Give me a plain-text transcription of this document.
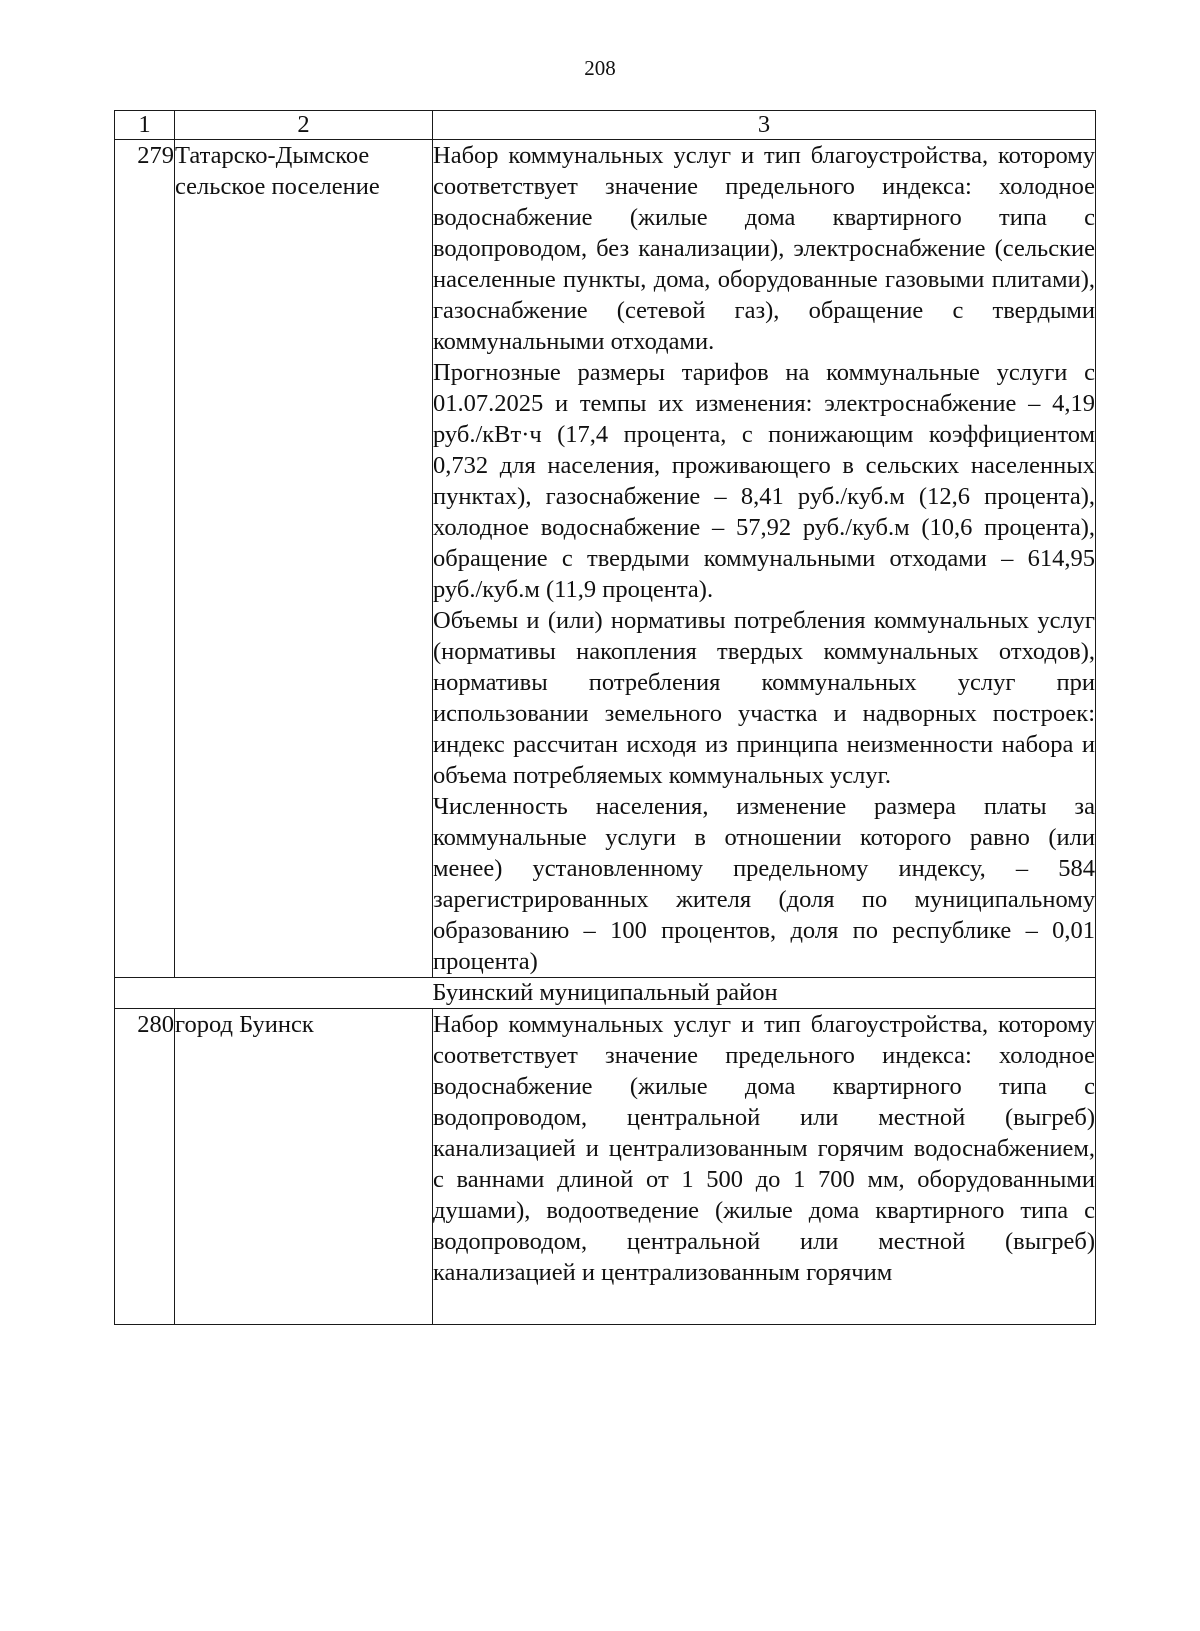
208
1	2	3
279	Татарско-Дымское сельское поселение	Набор коммунальных услуг и тип благоустройства, которому соответствует значение предельного индекса: холодное водоснабжение (жилые дома квартирного типа с водопроводом, без канализации), электроснабжение (сельские населенные пункты, дома, оборудованные газовыми плитами), газоснабжение (сетевой газ), обращение с твердыми коммунальными отходами.

Прогнозные размеры тарифов на коммунальные услуги с 01.07.2025 и темпы их изменения: электроснабжение – 4,19 руб./кВт·ч (17,4 процента, с понижающим коэффициентом 0,732 для населения, проживающего в сельских населенных пунктах), газоснабжение – 8,41 руб./куб.м (12,6 процента), холодное водоснабжение – 57,92 руб./куб.м (10,6 процента), обращение с твердыми коммунальными отходами – 614,95 руб./куб.м (11,9 процента).

Объемы и (или) нормативы потребления коммунальных услуг (нормативы накопления твердых коммунальных отходов), нормативы потребления коммунальных услуг при использовании земельного участка и надворных построек: индекс рассчитан исходя из принципа неизменности набора и объема потребляемых коммунальных услуг.

Численность населения, изменение размера платы за коммунальные услуги в отношении которого равно (или менее) установленному предельному индексу, – 584 зарегистрированных жителя (доля по муниципальному образованию – 100 процентов, доля по республике – 0,01 процента)

Буинский муниципальный район		
280	город Буинск	Набор коммунальных услуг и тип благоустройства, которому соответствует значение предельного индекса: холодное водоснабжение (жилые дома квартирного типа с водопроводом, центральной или местной (выгреб) канализацией и централизованным горячим водоснабжением, с ваннами длиной от 1 500 до 1 700 мм, оборудованными душами), водоотведение (жилые дома квартирного типа с водопроводом, центральной или местной (выгреб) канализацией и централизованным горячим
